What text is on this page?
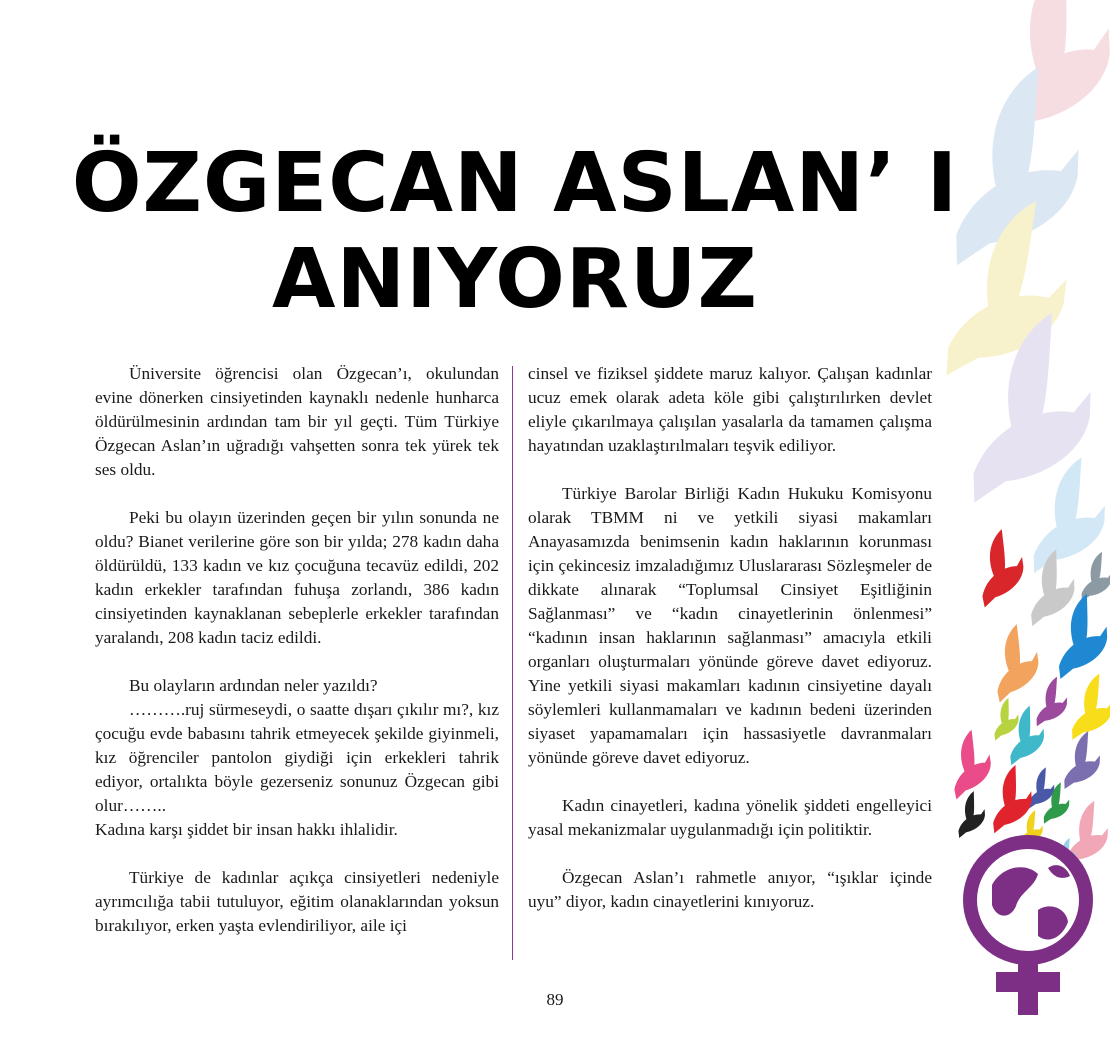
ÖZGECAN ASLAN’ I
ANIYORUZ

Üniversite öğrencisi olan Özgecan’ı, okulundan evine dönerken cinsiyetinden kaynaklı nedenle hunharca öldürülmesinin ardından tam bir yıl geçti. Tüm Türkiye Özgecan Aslan’ın uğradığı vahşetten sonra tek yürek tek ses oldu.

Peki bu olayın üzerinden geçen bir yılın sonunda ne oldu? Bianet verilerine göre son bir yılda; 278 kadın daha öldürüldü, 133 kadın ve kız çocuğuna tecavüz edildi, 202 kadın erkekler tarafından fuhuşa zorlandı, 386 kadın cinsiyetinden kaynaklanan sebeplerle erkekler tarafından yaralandı, 208 kadın taciz edildi.

Bu olayların ardından neler yazıldı?

……….ruj sürmeseydi, o saatte dışarı çıkılır mı?, kız çocuğu evde babasını tahrik etmeyecek şekilde giyinmeli, kız öğrenciler pantolon giydiği için erkekleri tahrik ediyor, ortalıkta böyle gezerseniz sonunuz Özgecan gibi olur……..

Kadına karşı şiddet bir insan hakkı ihlalidir.

Türkiye de kadınlar açıkça cinsiyetleri nedeniyle ayrımcılığa tabii tutuluyor, eğitim olanaklarından yoksun bırakılıyor, erken yaşta evlendiriliyor, aile içi

cinsel ve fiziksel şiddete maruz kalıyor. Çalışan kadınlar ucuz emek olarak adeta köle gibi çalıştırılırken devlet eliyle çıkarılmaya çalışılan yasalarla da tamamen çalışma hayatından uzaklaştırılmaları teşvik ediliyor.

Türkiye Barolar Birliği Kadın Hukuku Komisyonu olarak TBMM ni ve yetkili siyasi makamları Anayasamızda benimsenin kadın haklarının korunması için çekincesiz imzaladığımız Uluslararası Sözleşmeler de dikkate alınarak “Toplumsal Cinsiyet Eşitliğinin Sağlanması” ve “kadın cinayetlerinin önlenmesi” “kadının insan haklarının sağlanması” amacıyla etkili organları oluşturmaları yönünde göreve davet ediyoruz. Yine yetkili siyasi makamları kadının cinsiyetine dayalı söylemleri kullanmamaları ve kadının bedeni üzerinden siyaset yapamamaları için hassasiyetle davranmaları yönünde göreve davet ediyoruz.

Kadın cinayetleri, kadına yönelik şiddeti engelleyici yasal mekanizmalar uygulanmadığı için politiktir.

Özgecan Aslan’ı rahmetle anıyor, “ışıklar içinde uyu” diyor, kadın cinayetlerini kınıyoruz.

89
